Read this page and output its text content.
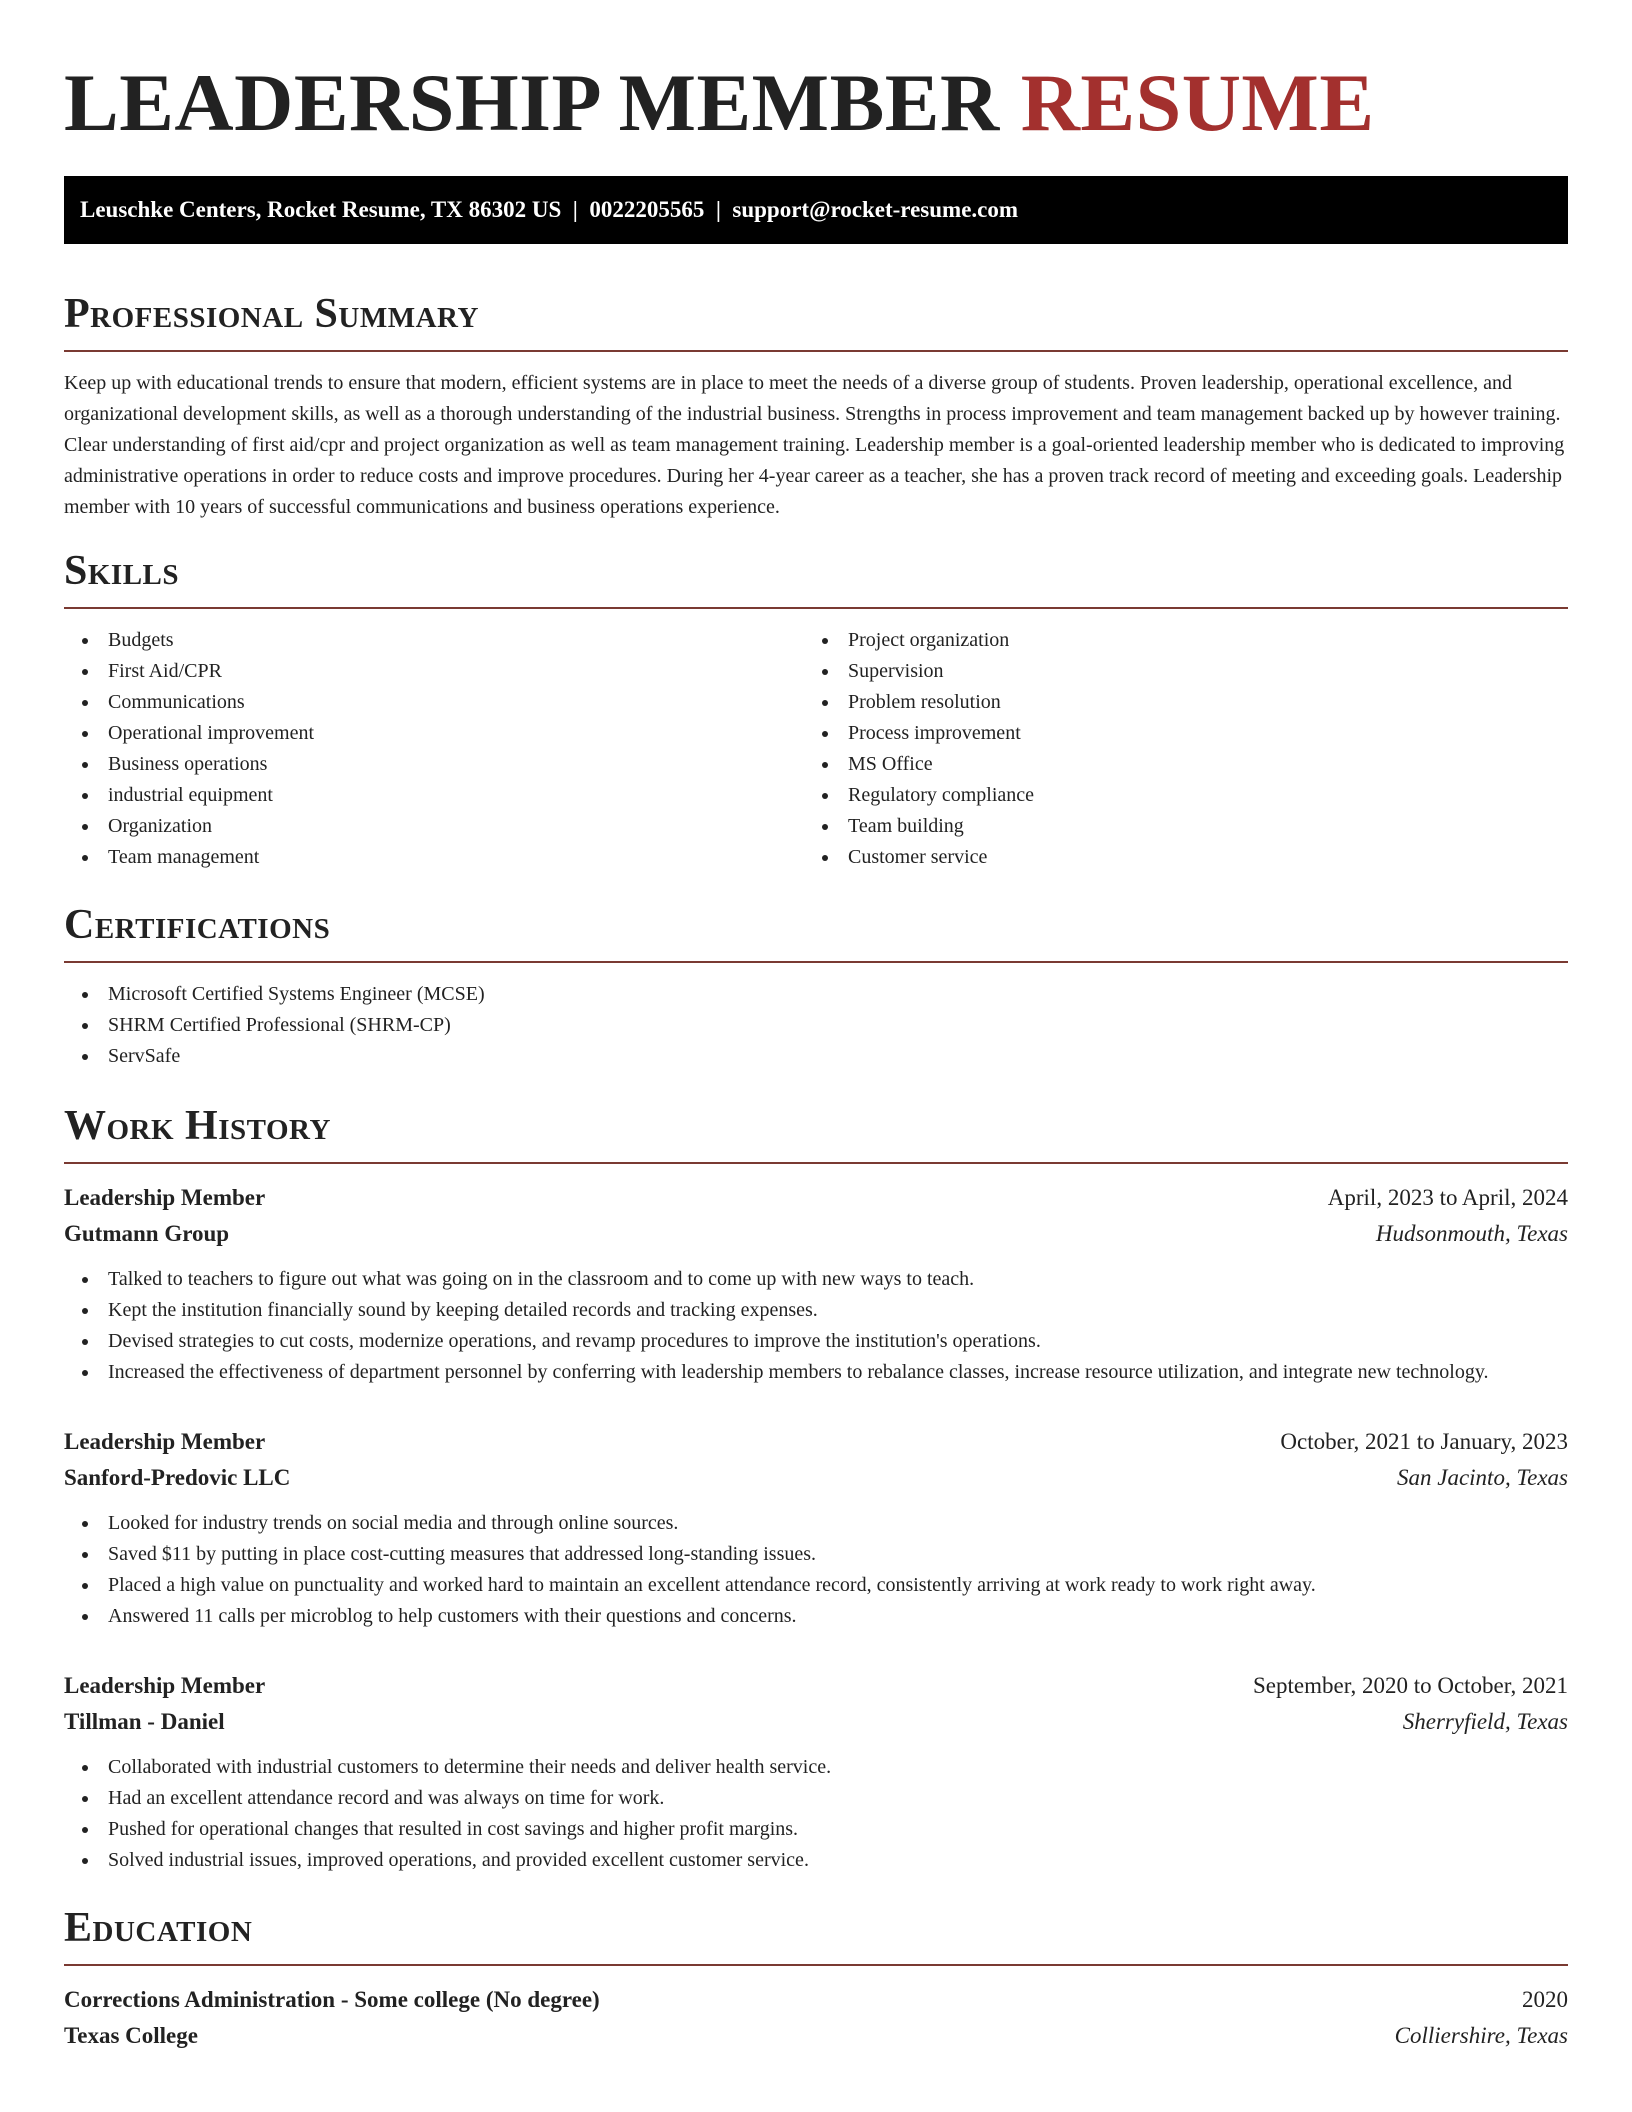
LEADERSHIP MEMBER RESUME
Leuschke Centers, Rocket Resume, TX 86302 US  |  0022205565  |  support@rocket-resume.com
Professional Summary

Keep up with educational trends to ensure that modern, efficient systems are in place to meet the needs of a diverse group of students. Proven leadership, operational excellence, and organizational development skills, as well as a thorough understanding of the industrial business. Strengths in process improvement and team management backed up by however training. Clear understanding of first aid/cpr and project organization as well as team management training. Leadership member is a goal-oriented leadership member who is dedicated to improving administrative operations in order to reduce costs and improve procedures. During her 4-year career as a teacher, she has a proven track record of meeting and exceeding goals. Leadership member with 10 years of successful communications and business operations experience.

Skills
Budgets
First Aid/CPR
Communications
Operational improvement
Business operations
industrial equipment
Organization
Team management
Project organization
Supervision
Problem resolution
Process improvement
MS Office
Regulatory compliance
Team building
Customer service
Certifications
Microsoft Certified Systems Engineer (MCSE)
SHRM Certified Professional (SHRM-CP)
ServSafe
Work History
Leadership Member	April, 2023 to April, 2024
Gutmann Group	Hudsonmouth, Texas
Talked to teachers to figure out what was going on in the classroom and to come up with new ways to teach.
Kept the institution financially sound by keeping detailed records and tracking expenses.
Devised strategies to cut costs, modernize operations, and revamp procedures to improve the institution's operations.
Increased the effectiveness of department personnel by conferring with leadership members to rebalance classes, increase resource utilization, and integrate new technology.
Leadership Member	October, 2021 to January, 2023
Sanford-Predovic LLC	San Jacinto, Texas
Looked for industry trends on social media and through online sources.
Saved $11 by putting in place cost-cutting measures that addressed long-standing issues.
Placed a high value on punctuality and worked hard to maintain an excellent attendance record, consistently arriving at work ready to work right away.
Answered 11 calls per microblog to help customers with their questions and concerns.
Leadership Member	September, 2020 to October, 2021
Tillman - Daniel	Sherryfield, Texas
Collaborated with industrial customers to determine their needs and deliver health service.
Had an excellent attendance record and was always on time for work.
Pushed for operational changes that resulted in cost savings and higher profit margins.
Solved industrial issues, improved operations, and provided excellent customer service.
Education
Corrections Administration - Some college (No degree)	2020
Texas College	Colliershire, Texas
